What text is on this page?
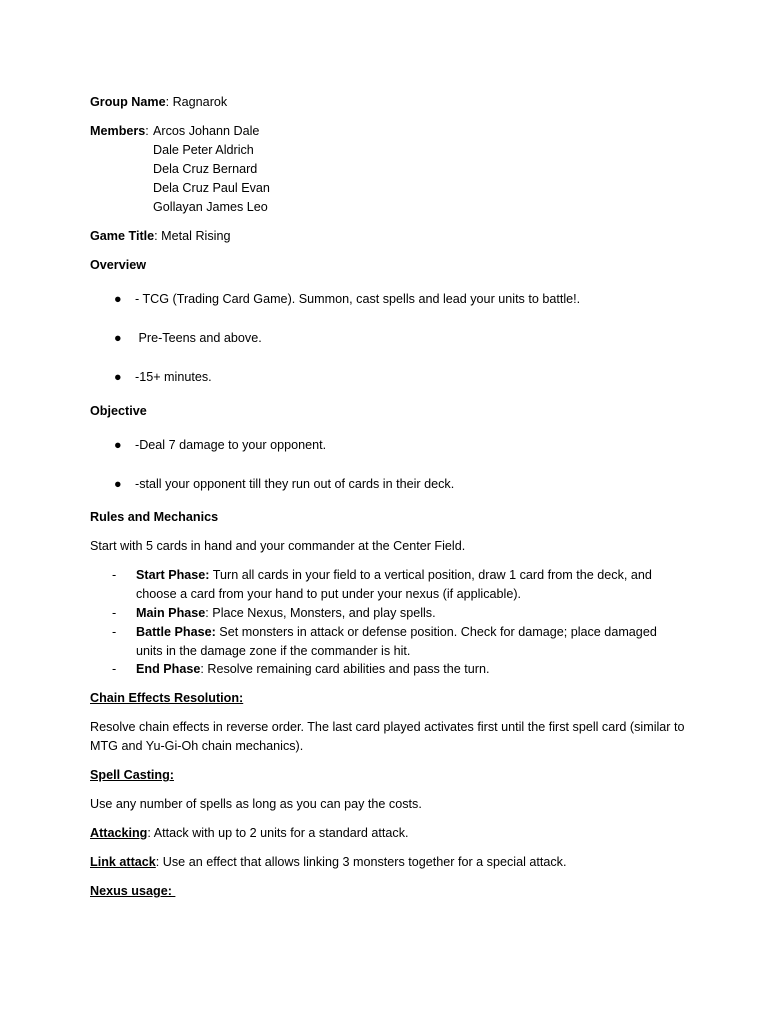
Group Name: Ragnarok
Members: Arcos Johann Dale
Dale Peter Aldrich
Dela Cruz Bernard
Dela Cruz Paul Evan
Gollayan James Leo
Game Title: Metal Rising
Overview
● - TCG (Trading Card Game). Summon, cast spells and lead your units to battle!.
● Pre-Teens and above.
● -15+ minutes.
Objective
● -Deal 7 damage to your opponent.
● -stall your opponent till they run out of cards in their deck.
Rules and Mechanics
Start with 5 cards in hand and your commander at the Center Field.
- Start Phase: Turn all cards in your field to a vertical position, draw 1 card from the deck, and choose a card from your hand to put under your nexus (if applicable).
- Main Phase: Place Nexus, Monsters, and play spells.
- Battle Phase: Set monsters in attack or defense position. Check for damage; place damaged units in the damage zone if the commander is hit.
- End Phase: Resolve remaining card abilities and pass the turn.
Chain Effects Resolution:
Resolve chain effects in reverse order. The last card played activates first until the first spell card (similar to MTG and Yu-Gi-Oh chain mechanics).
Spell Casting:
Use any number of spells as long as you can pay the costs.
Attacking: Attack with up to 2 units for a standard attack.
Link attack: Use an effect that allows linking 3 monsters together for a special attack.
Nexus usage:
